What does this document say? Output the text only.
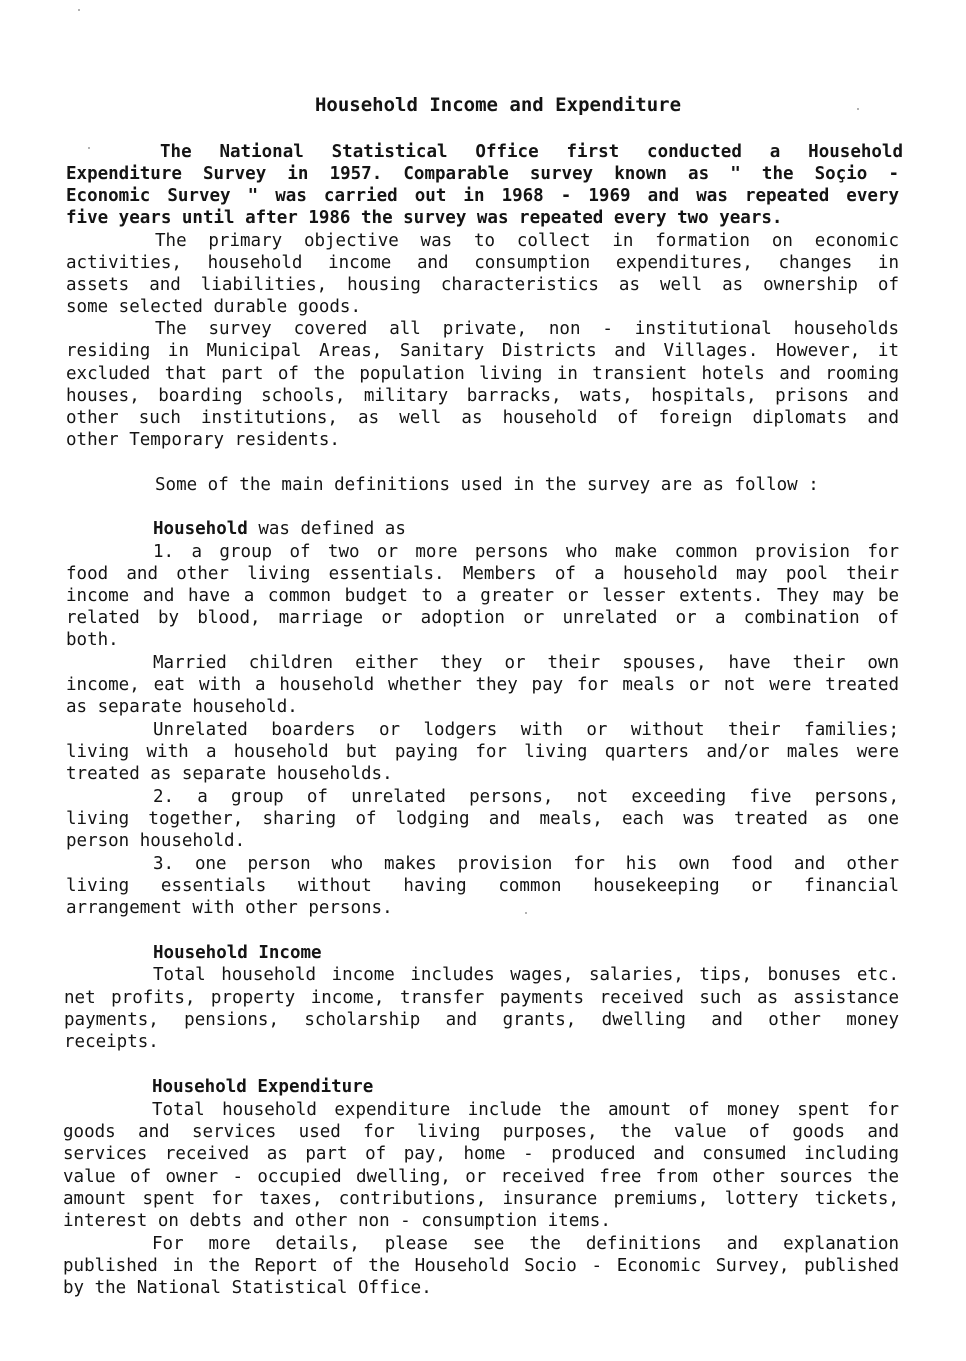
Household Income and Expenditure
The National Statistical Office first conducted a Household
Expenditure Survey in 1957. Comparable survey known as " the Soçio -
Economic Survey " was carried out in 1968 - 1969 and was repeated every
five years until after 1986 the survey was repeated every two years.
The primary objective was to collect in formation on economic
activities, household income and consumption expenditures, changes in
assets and liabilities, housing characteristics as well as ownership of
some selected durable goods.
The survey covered all private, non - institutional households
residing in Municipal Areas, Sanitary Districts and Villages. However, it
excluded that part of the population living in transient hotels and rooming
houses, boarding schools, military barracks, wats, hospitals, prisons and
other such institutions, as well as household of foreign diplomats and
other Temporary residents.
Some of the main definitions used in the survey are as follow :
Household was defined as
1. a group of two or more persons who make common provision for
food and other living essentials. Members of a household may pool their
income and have a common budget to a greater or lesser extents. They may be
related by blood, marriage or adoption or unrelated or a combination of
both.
Married children either they or their spouses, have their own
income, eat with a household whether they pay for meals or not were treated
as separate household.
Unrelated boarders or lodgers with or without their families;
living with a household but paying for living quarters and/or males were
treated as separate households.
2. a group of unrelated persons, not exceeding five persons,
living together, sharing of lodging and meals, each was treated as one
person household.
3. one person who makes provision for his own food and other
living essentials without having common housekeeping or financial
arrangement with other persons.
Household Income
Total household income includes wages, salaries, tips, bonuses etc.
net profits, property income, transfer payments received such as assistance
payments, pensions, scholarship and grants, dwelling and other money
receipts.
Household Expenditure
Total household expenditure include the amount of money spent for
goods and services used for living purposes, the value of goods and
services received as part of pay, home - produced and consumed including
value of owner - occupied dwelling, or received free from other sources the
amount spent for taxes, contributions, insurance premiums, lottery tickets,
interest on debts and other non - consumption items.
For more details, please see the definitions and explanation
published in the Report of the Household Socio - Economic Survey, published
by the National Statistical Office.
